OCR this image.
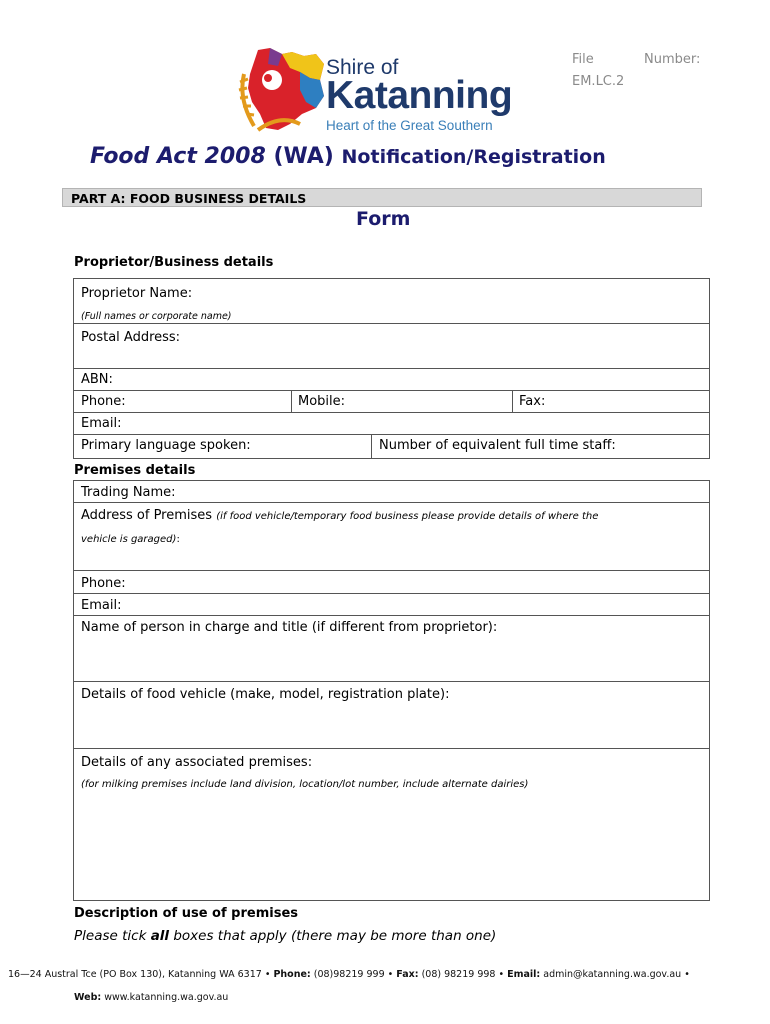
Shire of
Katanning
Heart of the Great Southern
File	Number:
EM.LC.2
Food Act 2008 (WA) Notification/Registration
PART A: FOOD BUSINESS DETAILS
Form
Proprietor/Business details
Proprietor Name:
(Full names or corporate name)
Postal Address:
ABN:
Phone:	Mobile:	Fax:
Email:
Primary language spoken:	Number of equivalent full time staff:
Premises details
Trading Name:
Address of Premises (if food vehicle/temporary food business please provide details of where the
vehicle is garaged):
Phone:
Email:
Name of person in charge and title (if different from proprietor):
Details of food vehicle (make, model, registration plate):
Details of any associated premises:
(for milking premises include land division, location/lot number, include alternate dairies)
Description of use of premises
Please tick all boxes that apply (there may be more than one)
16—24 Austral Tce (PO Box 130), Katanning WA 6317 • Phone: (08)98219 999 • Fax: (08) 98219 998 • Email: admin@katanning.wa.gov.au •
Web: www.katanning.wa.gov.au
